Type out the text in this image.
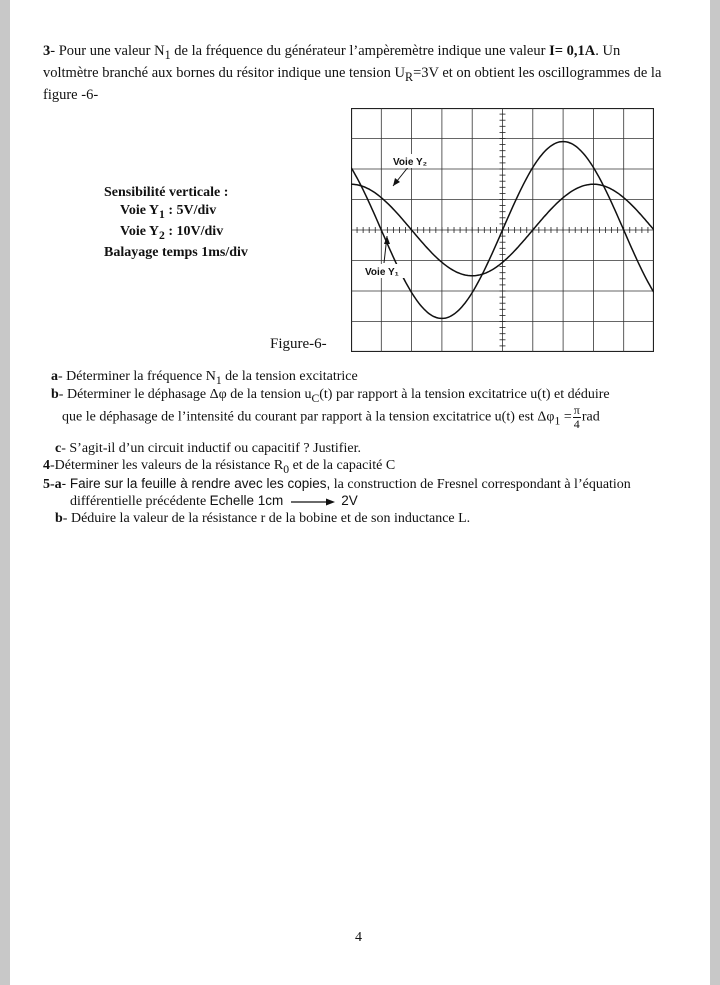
3- Pour une valeur $N_1$ de la fréquence du générateur l’ampèremètre indique une valeur I= 0,1A. Un voltmètre branché aux bornes du résitor indique une tension $U_R=3V$ et on obtient les oscillogrammes de la figure -6-
Sensibilité verticale :
Voie $Y_1$ : 5V/div
Voie $Y_2$ : 10V/div
Balayage temps 1ms/div
Voie Y₂
Voie Y₁
Figure-6-
a- Déterminer la fréquence $N_1$ de la tension excitatrice
b- Déterminer le déphasage Δφ de la tension $u_C(t)$ par rapport à la tension excitatrice u(t) et déduire
que le déphasage de l’intensité du courant par rapport à la tension excitatrice u(t) est $\Delta\varphi_1 = \frac{\pi}{4}$ rad
c- S’agit-il d’un circuit inductif ou capacitif ? Justifier.
4-Déterminer les valeurs de la résistance $R_0$ et de la capacité C
5-a- Faire sur la feuille à rendre avec les copies, la construction de Fresnel correspondant à l’équation
différentielle précédente Echelle 1cm	2V
b- Déduire la valeur de la résistance r de la bobine et de son inductance L.
4
